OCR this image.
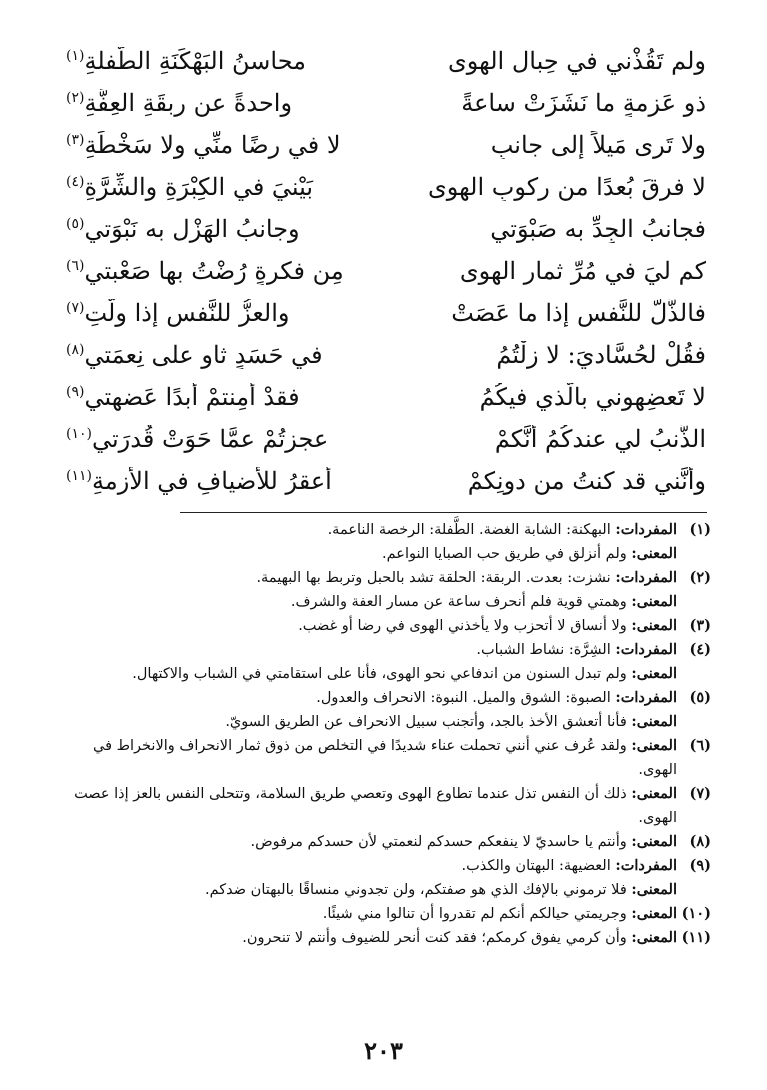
ولم تَقُذْني في حِبالِ الهوى
محاسنُ البَهْكَنَةِ الطَّفلةِ$^{(١)}$
ذو عَزمةٍ ما نَشَزَتْ ساعةً
واحدةً عن رِبقَةِ العِفَّةِ$^{(٢)}$
ولا تَرى مَيلاً إلى جانبِ
لا في رِضًا منِّي ولا سَخْطَةِ$^{(٣)}$
لا فرقَ بُعدًا من ركوبِ الهوى
بَيْنيَ في الكِبْرَةِ والشِّرَّةِ$^{(٤)}$
فجانبُ الجِدِّ به صَبْوَتي
وجانبُ الهَزْلِ به نَبْوَتي$^{(٥)}$
كم ليَ في مُرِّ ثمارِ الهوى
مِن فكرةٍ رُضْتُ بها صَعْبتي$^{(٦)}$
فالذُّلُّ للنَّفسِ إذا ما عَصَتْ
والعزُّ للنَّفسِ إذا ولَّتِ$^{(٧)}$
فقُلْ لحُسَّاديَ: لا زِلْتُمُ
في حَسَدٍ ثاوٍ على نِعمَتي$^{(٨)}$
لا تَعضِهوني بالّذي فيكُمُ
فقدْ أمِنتمْ أبدًا عَضهتي$^{(٩)}$
الذَّنبُ لي عندكُمُ أنَّكمْ
عجزتُمْ عمَّا حَوَتْ قُدرَتي$^{(١٠)}$
وأنَّني قد كنتُ من دونِكمْ
أعقرُ للأضيافِ في الأزمةِ$^{(١١)}$
(١)
المفردات: البهكنة: الشابة الغضة. الطَّفلة: الرخصة الناعمة.
المعنى: ولم أنزلق في طريق حب الصبايا النواعم.
(٢)
المفردات: نشزت: بعدت. الربقة: الحلقة تشد بالحبل وتربط بها البهيمة.
المعنى: وهمتي قوية فلم أنحرف ساعة عن مسار العفة والشرف.
(٣)
المعنى: ولا أنساق لا أتحزب ولا يأخذني الهوى في رضا أو غضب.
(٤)
المفردات: الشِرَّة: نشاط الشباب.
المعنى: ولم تبدل السنون من اندفاعي نحو الهوى، فأنا على استقامتي في الشباب والاكتهال.
(٥)
المفردات: الصبوة: الشوق والميل. النبوة: الانحراف والعدول.
المعنى: فأنا أتعشق الأخذ بالجد، وأتجنب سبيل الانحراف عن الطريق السويّ.
(٦)
المعنى: ولقد عُرف عني أنني تحملت عناء شديدًا في التخلص من ذوق ثمار الانحراف والانخراط في الهوى.
(٧)
المعنى: ذلك أن النفس تذل عندما تطاوع الهوى وتعصي طريق السلامة، وتتحلى النفس بالعز إذا عصت الهوى.
(٨)
المعنى: وأنتم يا حاسديّ لا ينفعكم حسدكم لنعمتي لأن حسدكم مرفوض.
(٩)
المفردات: العضيهة: البهتان والكذب.
المعنى: فلا ترموني بالإفك الذي هو صفتكم، ولن تجدوني منساقًا بالبهتان ضدكم.
(١٠)
المعنى: وجريمتي حيالكم أنكم لم تقدروا أن تنالوا مني شيئًا.
(١١)
المعنى: وأن كرمي يفوق كرمكم؛ فقد كنت أنحر للضيوف وأنتم لا تنحرون.
٢٠٣
